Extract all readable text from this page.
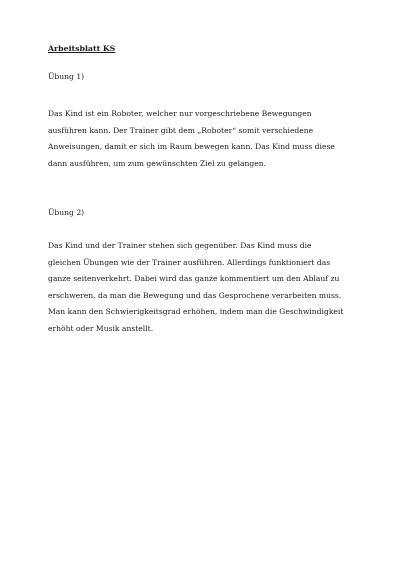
Arbeitsblatt KS
Übung 1)
Das Kind ist ein Roboter, welcher nur vorgeschriebene Bewegungen
ausführen kann. Der Trainer gibt dem „Roboter“ somit verschiedene
Anweisungen, damit er sich im Raum bewegen kann. Das Kind muss diese
dann ausführen, um zum gewünschten Ziel zu gelangen.
Übung 2)
Das Kind und der Trainer stehen sich gegenüber. Das Kind muss die
gleichen Übungen wie der Trainer ausführen. Allerdings funktioniert das
ganze seitenverkehrt. Dabei wird das ganze kommentiert um den Ablauf zu
erschweren, da man die Bewegung und das Gesprochene verarbeiten muss.
Man kann den Schwierigkeitsgrad erhöhen, indem man die Geschwindigkeit
erhöht oder Musik anstellt.
